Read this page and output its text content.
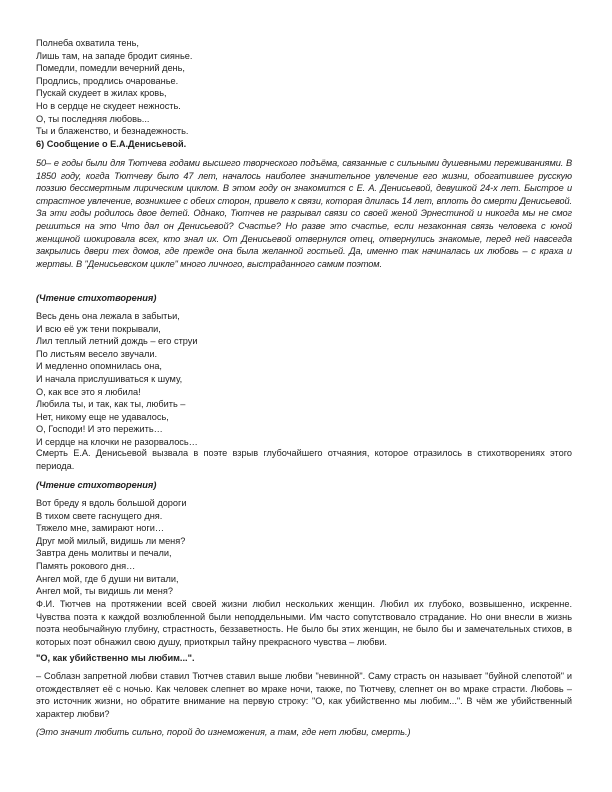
Полнеба охватила тень,
Лишь там, на западе бродит сиянье.
Помедли, помедли вечерний день,
Продлись, продлись очарованье.
Пускай скудеет в жилах кровь,
Но в сердце не скудеет нежность.
О, ты последняя любовь...
Ты и блаженство, и безнадежность.
6) Сообщение о Е.А.Денисьевой.

50– е годы были для Тютчева годами высшего творческого подъёма, связанные с сильными душевными переживаниями. В 1850 году, когда Тютчеву было 47 лет, началось наиболее значительное увлечение его жизни, обогатившее русскую поэзию бессмертным лирическим циклом. В этом году он знакомится с Е. А. Денисьевой, девушкой 24-х лет. Быстрое и страстное увлечение, возникшее с обеих сторон, привело к связи, которая длилась 14 лет, вплоть до смерти Денисьевой. За эти годы родилось двое детей. Однако, Тютчев не разрывал связи со своей женой Эрнестиной и никогда мы не смог решиться на это Что дал он Денисьевой? Счастье? Но разве это счастье, если незаконная связь человека с юной женщиной шокировала всех, кто знал их. От Денисьевой отвернулся отец, отвернулись знакомые, перед ней навсегда закрылись двери тех домов, где прежде она была желанной гостьей. Да, именно так начиналась их любовь – с краха и жертвы. В "Денисьевском цикле" много личного, выстраданного самим поэтом.

(Чтение стихотворения)
Весь день она лежала в забытьи,
И всю её уж тени покрывали,
Лил теплый летний дождь – его струи
По листьям весело звучали.
И медленно опомнилась она,
И начала прислушиваться к шуму,
О, как все это я любила!
Любила ты, и так, как ты, любить –
Нет, никому еще не удавалось,
О, Господи! И это пережить…
И сердце на клочки не разорвалось…

Смерть Е.А. Денисьевой вызвала в поэте взрыв глубочайшего отчаяния, которое отразилось в стихотворениях этого периода.

(Чтение стихотворения)
Вот бреду я вдоль большой дороги
В тихом свете гаснущего дня.
Тяжело мне, замирают ноги…
Друг мой милый, видишь ли меня?
Завтра день молитвы и печали,
Память рокового дня…
Ангел мой, где б души ни витали,
Ангел мой, ты видишь ли меня?

Ф.И. Тютчев на протяжении всей своей жизни любил нескольких женщин. Любил их глубоко, возвышенно, искренне. Чувства поэта к каждой возлюбленной были неподдельными. Им часто сопутствовало страдание. Но они внесли в жизнь поэта необычайную глубину, страстность, беззаветность. Не было бы этих женщин, не было бы и замечательных стихов, в которых поэт обнажил свою душу, приоткрыл тайну прекрасного чувства – любви.

"О, как убийственно мы любим...".

– Соблазн запретной любви ставил Тютчев ставил выше любви "невинной". Саму страсть он называет "буйной слепотой" и отождествляет её с ночью. Как человек слепнет во мраке ночи, также, по Тютчеву, слепнет он во мраке страсти. Любовь – это источник жизни, но обратите внимание на первую строку: "О, как убийственно мы любим...". В чём же убийственный характер любви?

(Это значит любить сильно, порой до изнеможения, а там, где нет любви, смерть.)
